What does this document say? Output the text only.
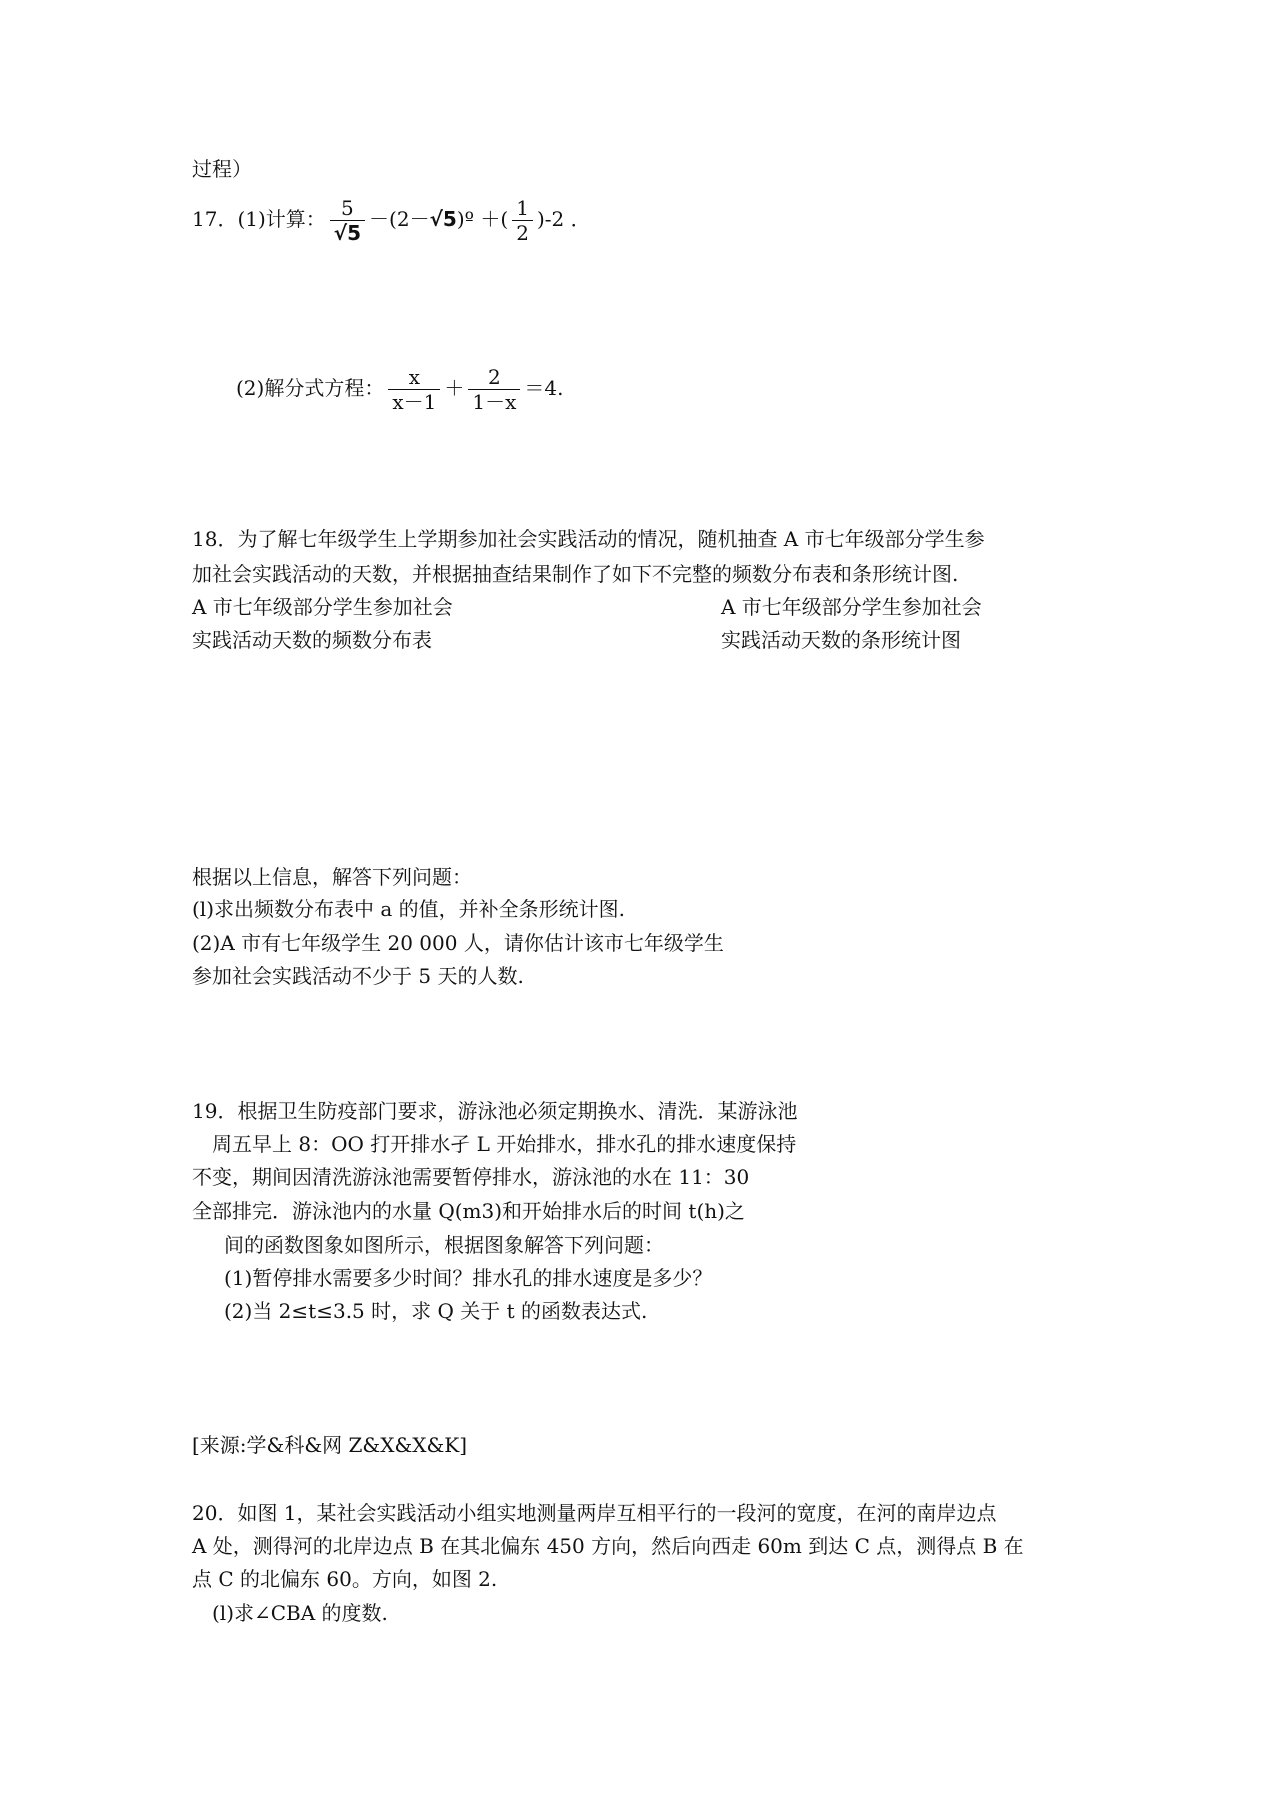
过程）
17．(1)计算： $\frac{5}{√5}$ －(2－√5)º ＋( $\frac{1}{2} )-2$ ．
(2)解分式方程： $\frac{x}{x-1} + \frac{2}{1-x} =4$.
18．为了解七年级学生上学期参加社会实践活动的情况，随机抽查 A 市七年级部分学生参
加社会实践活动的天数，并根据抽查结果制作了如下不完整的频数分布表和条形统计图.
A 市七年级部分学生参加社会	A 市七年级部分学生参加社会
实践活动天数的频数分布表	实践活动天数的条形统计图
根据以上信息，解答下列问题：
(l)求出频数分布表中 a 的值，并补全条形统计图.
(2)A 市有七年级学生 20 000 人，请你估计该市七年级学生
参加社会实践活动不少于 5 天的人数.
19．根据卫生防疫部门要求，游泳池必须定期换水、清洗．某游泳池
周五早上 8：OO 打开排水孑 L 开始排水，排水孔的排水速度保持
不变，期间因清洗游泳池需要暂停排水，游泳池的水在 11：30
全部排完．游泳池内的水量 Q(m3)和开始排水后的时间 t(h)之
间的函数图象如图所示，根据图象解答下列问题：
(1)暂停排水需要多少时间？排水孔的排水速度是多少？
(2)当 2≤t≤3.5 时，求 Q 关于 t 的函数表达式.
[来源:学&科&网 Z&X&X&K]
20．如图 1，某社会实践活动小组实地测量两岸互相平行的一段河的宽度，在河的南岸边点
A 处，测得河的北岸边点 B 在其北偏东 450 方向，然后向西走 60m 到达 C 点，测得点 B 在
点 C 的北偏东 60。方向，如图 2.
(l)求∠CBA 的度数.
